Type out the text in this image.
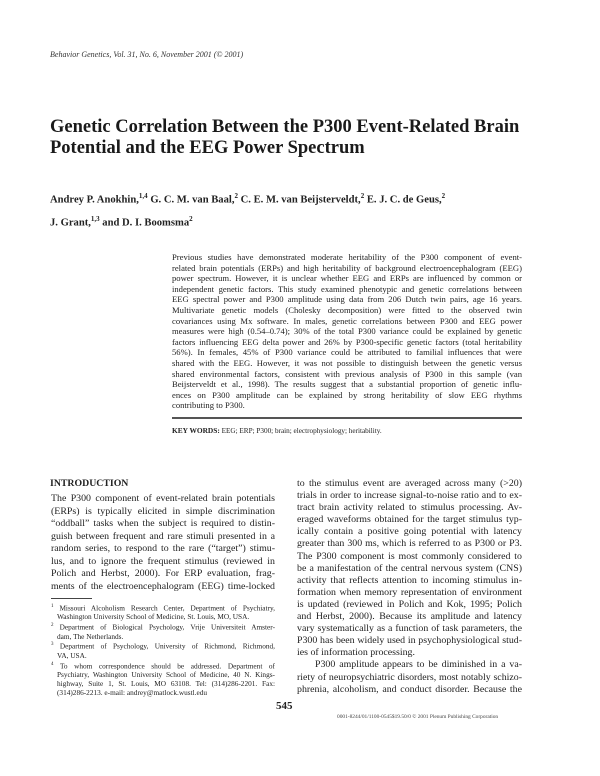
Behavior Genetics, Vol. 31, No. 6, November 2001 (© 2001)
Genetic Correlation Between the P300 Event-Related Brain
Potential and the EEG Power Spectrum
Andrey P. Anokhin,$^{1,4}$ G. C. M. van Baal,$^2$ C. E. M. van Beijsterveldt,$^2$ E. J. C. de Geus,$^2$
J. Grant,$^{1,3}$ and D. I. Boomsma$^2$
Previous studies have demonstrated moderate heritability of the P300 component of event-
related brain potentials (ERPs) and high heritability of background electroencephalogram (EEG)
power spectrum. However, it is unclear whether EEG and ERPs are influenced by common or
independent genetic factors. This study examined phenotypic and genetic correlations between
EEG spectral power and P300 amplitude using data from 206 Dutch twin pairs, age 16 years.
Multivariate genetic models (Cholesky decomposition) were fitted to the observed twin
covariances using Mx software. In males, genetic correlations between P300 and EEG power
measures were high (0.54–0.74); 30% of the total P300 variance could be explained by genetic
factors influencing EEG delta power and 26% by P300-specific genetic factors (total heritability
56%). In females, 45% of P300 variance could be attributed to familial influences that were
shared with the EEG. However, it was not possible to distinguish between the genetic versus
shared environmental factors, consistent with previous analysis of P300 in this sample (van
Beijsterveldt et al., 1998). The results suggest that a substantial proportion of genetic influ-
ences on P300 amplitude can be explained by strong heritability of slow EEG rhythms
contributing to P300.
KEY WORDS: EEG; ERP; P300; brain; electrophysiology; heritability.
INTRODUCTION
The P300 component of event-related brain potentials
(ERPs) is typically elicited in simple discrimination
“oddball” tasks when the subject is required to distin-
guish between frequent and rare stimuli presented in a
random series, to respond to the rare (“target”) stimu-
lus, and to ignore the frequent stimulus (reviewed in
Polich and Herbst, 2000). For ERP evaluation, frag-
ments of the electroencephalogram (EEG) time-locked
to the stimulus event are averaged across many (>20)
trials in order to increase signal-to-noise ratio and to ex-
tract brain activity related to stimulus processing. Av-
eraged waveforms obtained for the target stimulus typ-
ically contain a positive going potential with latency
greater than 300 ms, which is referred to as P300 or P3.
The P300 component is most commonly considered to
be a manifestation of the central nervous system (CNS)
activity that reflects attention to incoming stimulus in-
formation when memory representation of environment
is updated (reviewed in Polich and Kok, 1995; Polich
and Herbst, 2000). Because its amplitude and latency
vary systematically as a function of task parameters, the
P300 has been widely used in psychophysiological stud-
ies of information processing.
P300 amplitude appears to be diminished in a va-
riety of neuropsychiatric disorders, most notably schizo-
phrenia, alcoholism, and conduct disorder. Because the
$^1$ Missouri Alcoholism Research Center, Department of Psychiatry,
Washington University School of Medicine, St. Louis, MO, USA.
$^2$ Department of Biological Psychology, Vrije Universiteit Amster-
dam, The Netherlands.
$^3$ Department of Psychology, University of Richmond, Richmond,
VA, USA.
$^4$ To whom correspondence should be addressed. Department of
Psychiatry, Washington University School of Medicine, 40 N. Kings-
highway, Suite 1, St. Louis, MO 63108. Tel: (314)286-2201. Fax:
(314)286-2213. e-mail: andrey@matlock.wustl.edu
545
0001-8244/01/1100-0545$19.50/0 © 2001 Plenum Publishing Corporation
